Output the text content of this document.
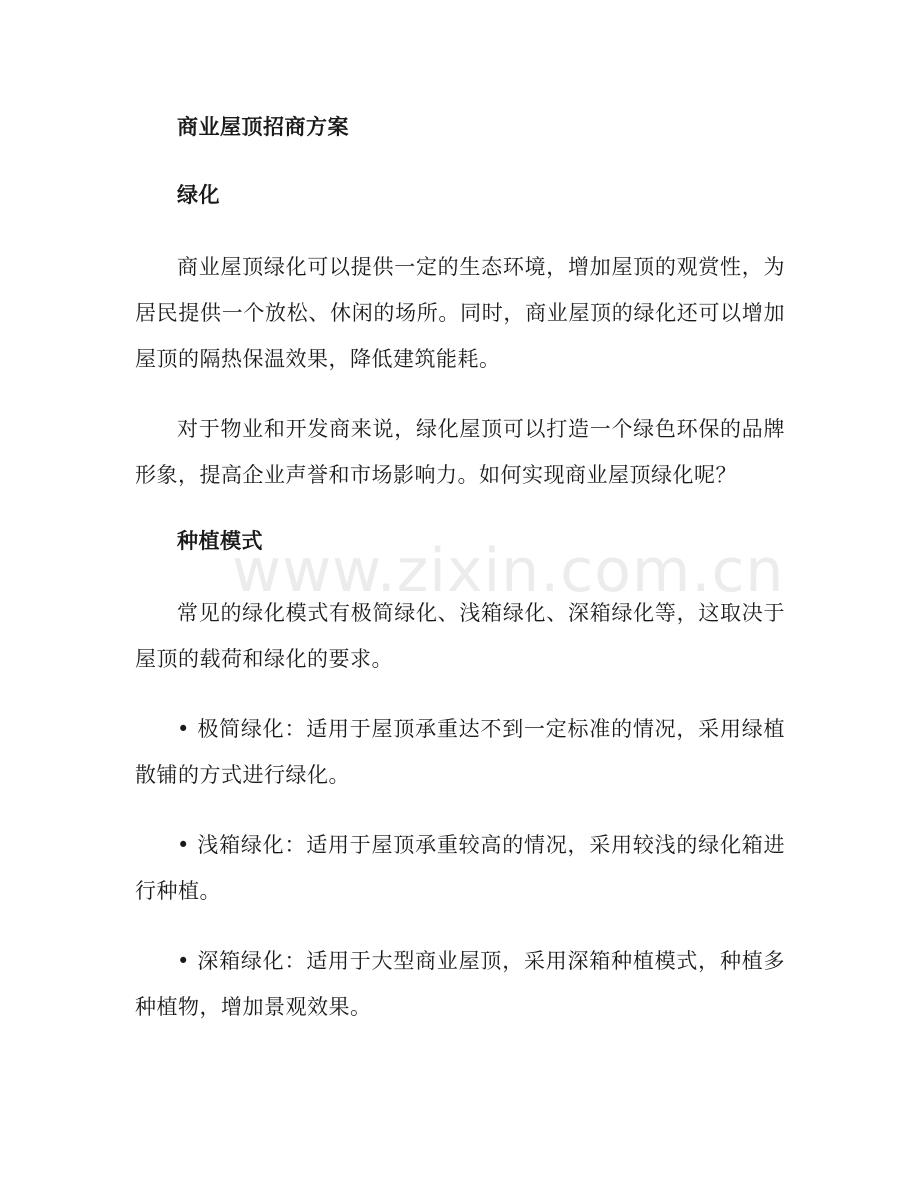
www.zixin.com.cn
商业屋顶招商方案
绿化

商业屋顶绿化可以提供一定的生态环境，增加屋顶的观赏性，为居民提供一个放松、休闲的场所。同时，商业屋顶的绿化还可以增加屋顶的隔热保温效果，降低建筑能耗。

对于物业和开发商来说，绿化屋顶可以打造一个绿色环保的品牌形象，提高企业声誉和市场影响力。如何实现商业屋顶绿化呢？

种植模式

常见的绿化模式有极简绿化、浅箱绿化、深箱绿化等，这取决于屋顶的载荷和绿化的要求。

• 极简绿化：适用于屋顶承重达不到一定标准的情况，采用绿植散铺的方式进行绿化。

• 浅箱绿化：适用于屋顶承重较高的情况，采用较浅的绿化箱进行种植。

• 深箱绿化：适用于大型商业屋顶，采用深箱种植模式，种植多种植物，增加景观效果。
